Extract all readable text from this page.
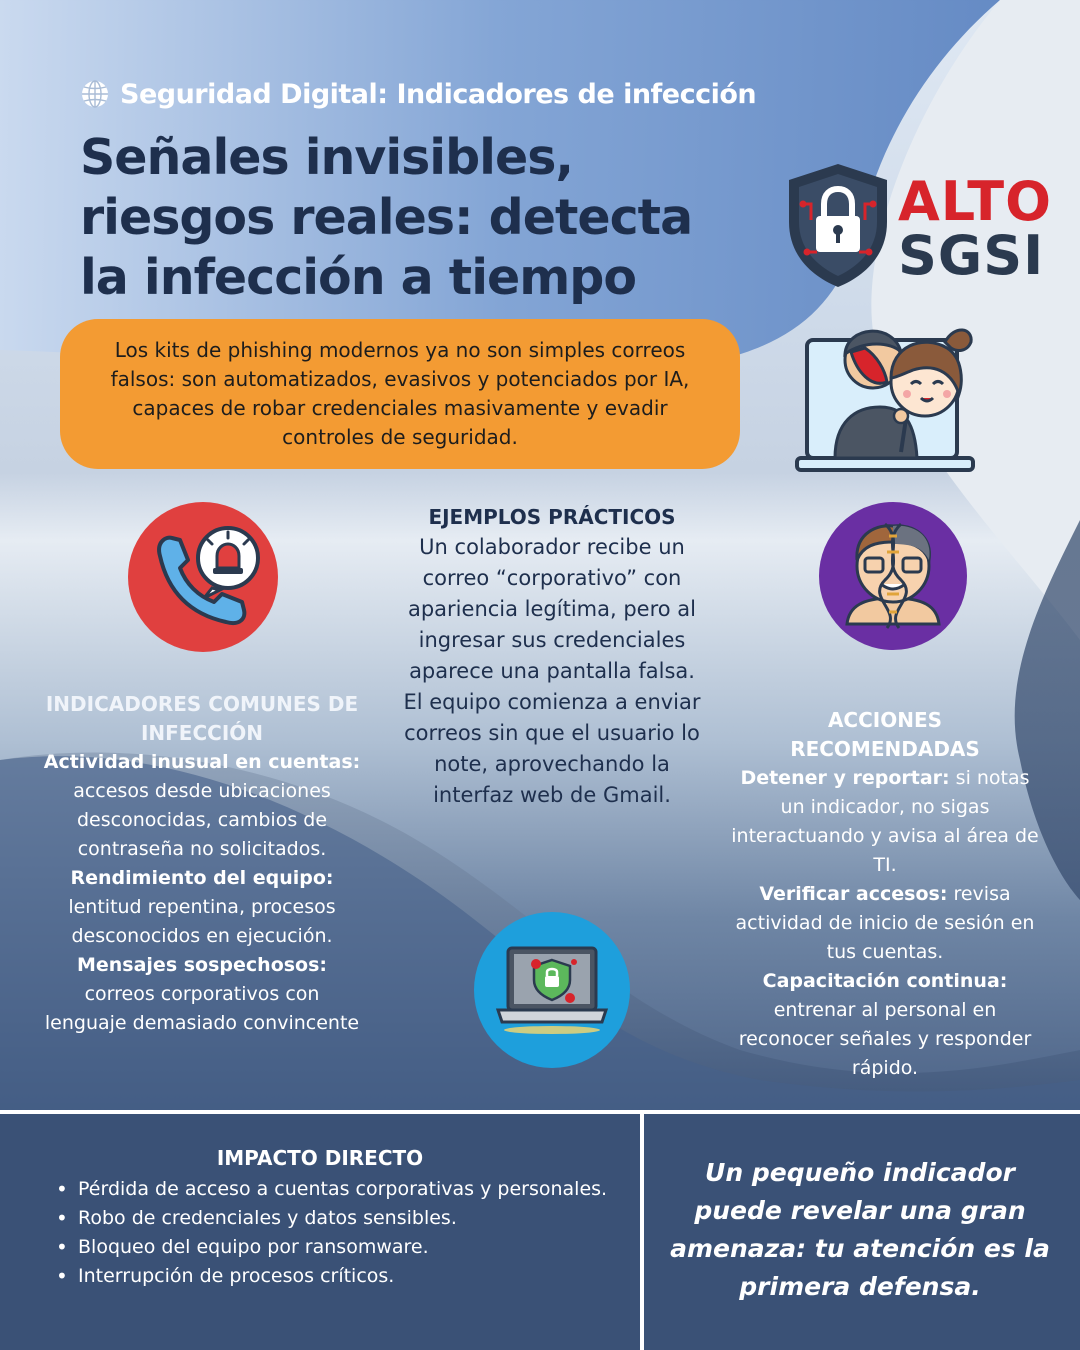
Seguridad Digital: Indicadores de infección
Señales invisibles,
riesgos reales: detecta
la infección a tiempo
ALTO
SGSI

Los kits de phishing modernos ya no son simples correos falsos: son automatizados, evasivos y potenciados por IA, capaces de robar credenciales masivamente y evadir controles de seguridad.

INDICADORES COMUNES DE INFECCIÓN
Actividad inusual en cuentas: accesos desde ubicaciones desconocidas, cambios de contraseña no solicitados.
Rendimiento del equipo: lentitud repentina, procesos desconocidos en ejecución.
Mensajes sospechosos: correos corporativos con lenguaje demasiado convincente
EJEMPLOS PRÁCTICOS
Un colaborador recibe un correo “corporativo” con apariencia legítima, pero al ingresar sus credenciales aparece una pantalla falsa.
El equipo comienza a enviar correos sin que el usuario lo note, aprovechando la interfaz web de Gmail.
ACCIONES RECOMENDADAS
Detener y reportar: si notas un indicador, no sigas interactuando y avisa al área de TI.
Verificar accesos: revisa actividad de inicio de sesión en tus cuentas.
Capacitación continua: entrenar al personal en reconocer señales y responder rápido.
IMPACTO DIRECTO
• Pérdida de acceso a cuentas corporativas y personales.
• Robo de credenciales y datos sensibles.
• Bloqueo del equipo por ransomware.
• Interrupción de procesos críticos.
Un pequeño indicador puede revelar una gran amenaza: tu atención es la primera defensa.
